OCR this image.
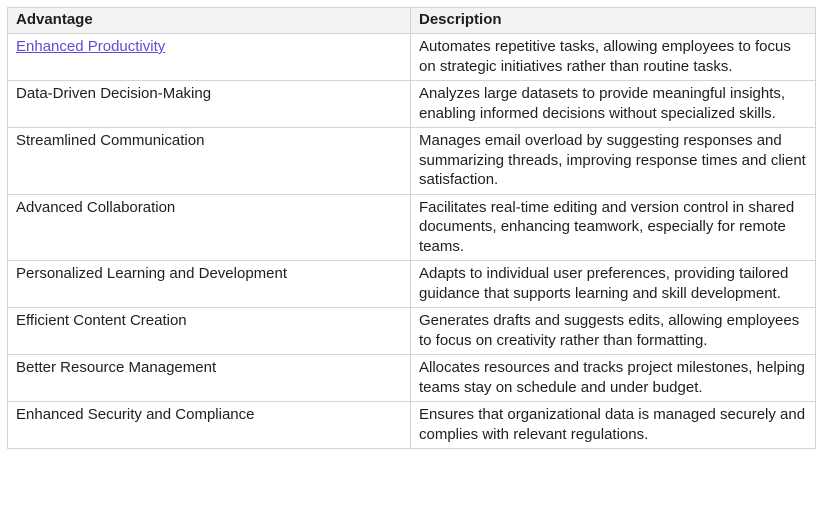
Advantage	Description
Enhanced Productivity	Automates repetitive tasks, allowing employees to focus on strategic initiatives rather than routine tasks.
Data-Driven Decision-Making	Analyzes large datasets to provide meaningful insights, enabling informed decisions without specialized skills.
Streamlined Communication	Manages email overload by suggesting responses and summarizing threads, improving response times and client satisfaction.
Advanced Collaboration	Facilitates real-time editing and version control in shared documents, enhancing teamwork, especially for remote teams.
Personalized Learning and Development	Adapts to individual user preferences, providing tailored guidance that supports learning and skill development.
Efficient Content Creation	Generates drafts and suggests edits, allowing employees to focus on creativity rather than formatting.
Better Resource Management	Allocates resources and tracks project milestones, helping teams stay on schedule and under budget.
Enhanced Security and Compliance	Ensures that organizational data is managed securely and complies with relevant regulations.
